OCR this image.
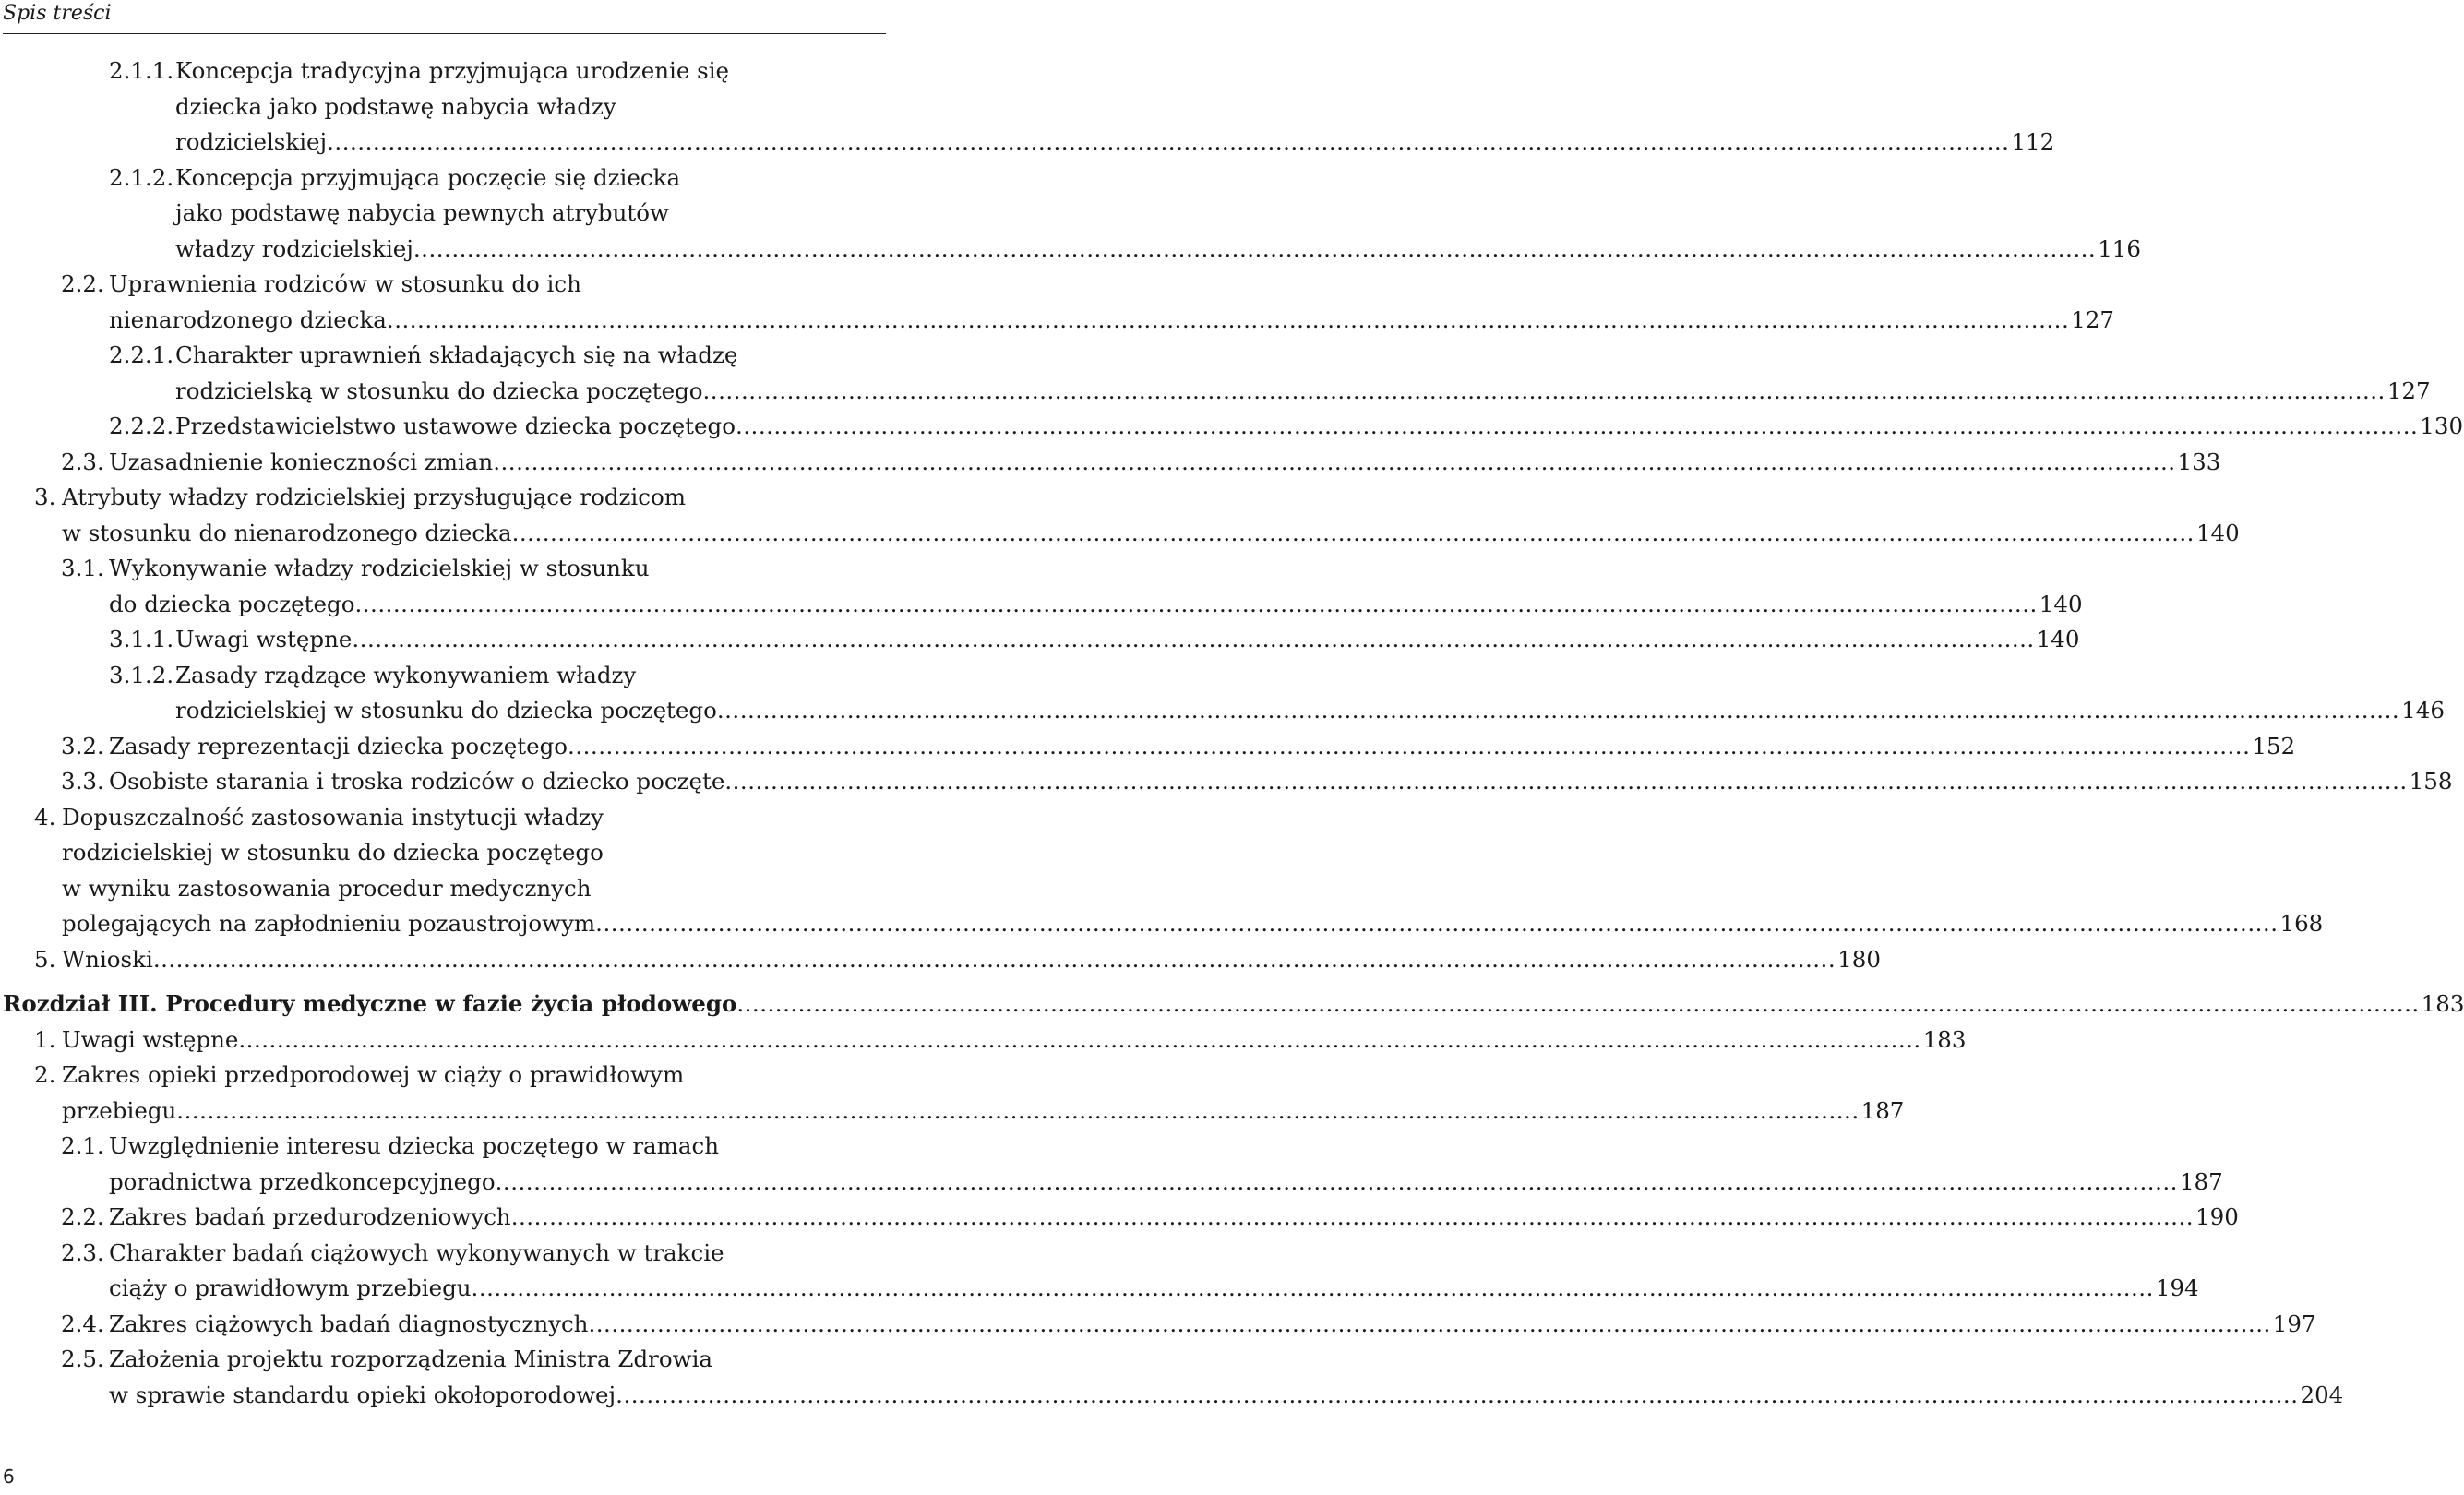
Spis treści
2.1.1. Koncepcja tradycyjna przyjmująca urodzenie się
dziecka jako podstawę nabycia władzy
rodzicielskiej ............................................................................................................................................................................................................................ 112
2.1.2. Koncepcja przyjmująca poczęcie się dziecka
jako podstawę nabycia pewnych atrybutów
władzy rodzicielskiej ............................................................................................................................................................................................................................ 116
2.2. Uprawnienia rodziców w stosunku do ich
nienarodzonego dziecka ............................................................................................................................................................................................................................ 127
2.2.1. Charakter uprawnień składających się na władzę
rodzicielską w stosunku do dziecka poczętego ............................................................................................................................................................................................................................ 127
2.2.2. Przedstawicielstwo ustawowe dziecka poczętego ............................................................................................................................................................................................................................ 130
2.3. Uzasadnienie konieczności zmian ............................................................................................................................................................................................................................ 133
3. Atrybuty władzy rodzicielskiej przysługujące rodzicom
w stosunku do nienarodzonego dziecka ............................................................................................................................................................................................................................ 140
3.1. Wykonywanie władzy rodzicielskiej w stosunku
do dziecka poczętego ............................................................................................................................................................................................................................ 140
3.1.1. Uwagi wstępne ............................................................................................................................................................................................................................ 140
3.1.2. Zasady rządzące wykonywaniem władzy
rodzicielskiej w stosunku do dziecka poczętego ............................................................................................................................................................................................................................ 146
3.2. Zasady reprezentacji dziecka poczętego ............................................................................................................................................................................................................................ 152
3.3. Osobiste starania i troska rodziców o dziecko poczęte ............................................................................................................................................................................................................................ 158
4. Dopuszczalność zastosowania instytucji władzy
rodzicielskiej w stosunku do dziecka poczętego
w wyniku zastosowania procedur medycznych
polegających na zapłodnieniu pozaustrojowym ............................................................................................................................................................................................................................ 168
5. Wnioski ............................................................................................................................................................................................................................ 180
Rozdział III. Procedury medyczne w fazie życia płodowego ............................................................................................................................................................................................................................ 183
1. Uwagi wstępne ............................................................................................................................................................................................................................ 183
2. Zakres opieki przedporodowej w ciąży o prawidłowym
przebiegu ............................................................................................................................................................................................................................ 187
2.1. Uwzględnienie interesu dziecka poczętego w ramach
poradnictwa przedkoncepcyjnego ............................................................................................................................................................................................................................ 187
2.2. Zakres badań przedurodzeniowych ............................................................................................................................................................................................................................ 190
2.3. Charakter badań ciążowych wykonywanych w trakcie
ciąży o prawidłowym przebiegu ............................................................................................................................................................................................................................ 194
2.4. Zakres ciążowych badań diagnostycznych ............................................................................................................................................................................................................................ 197
2.5. Założenia projektu rozporządzenia Ministra Zdrowia
w sprawie standardu opieki okołoporodowej ............................................................................................................................................................................................................................ 204
6
